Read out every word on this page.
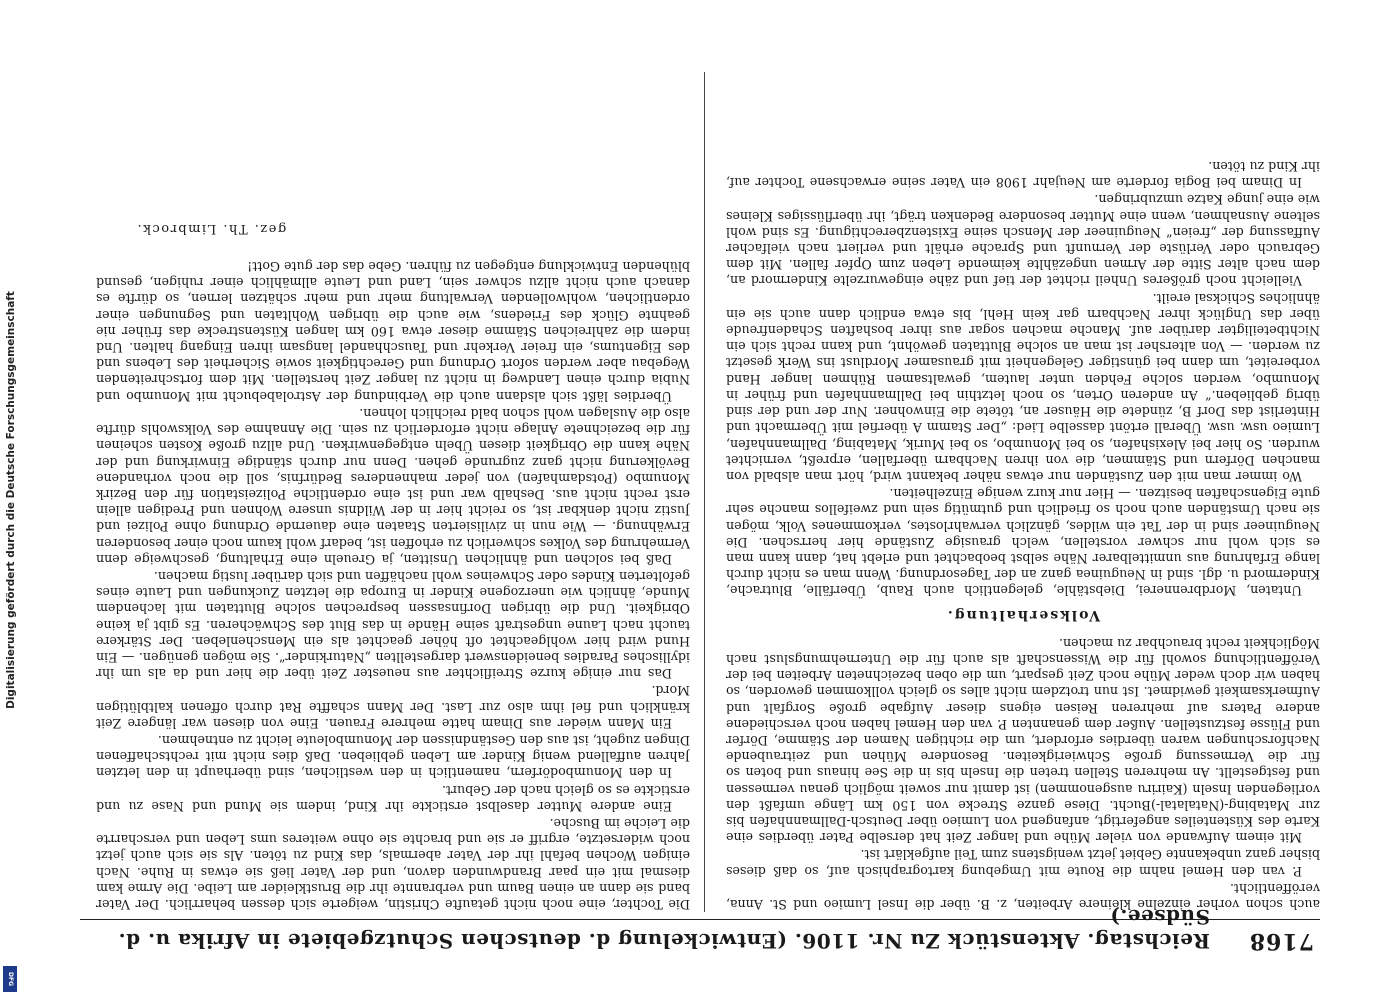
Digitalisierung gefördert durch die Deutsche Forschungsgemeinschaft
DFG
7168
Reichstag. Aktenstück Zu Nr. 1106. (Entwickelung d. deutschen Schutzgebiete in Afrika u. d. Südsee.)

auch schon vorher einzelne kleinere Arbeiten, z. B. über die Insel Lumieo und St. Anna, veröffentlicht.

P. van den Hemel nahm die Route mit Umgebung kartographisch auf, so daß dieses bisher ganz unbekannte Gebiet jetzt wenigstens zum Teil aufgeklärt ist.

Mit einem Aufwande von vieler Mühe und langer Zeit hat derselbe Pater überdies eine Karte des Küstenteiles angefertigt, anfangend von Lumieo über Deutsch-Dallmannhafen bis zur Matabing-(Natalatal-)Bucht. Diese ganze Strecke von 150 km Länge umfaßt den vorliegenden Inseln (Kairiru ausgenommen) ist damit nur soweit möglich genau vermessen und festgestellt. An mehreren Stellen treten die Inseln bis in die See hinaus und boten so für die Vermessung große Schwierigkeiten. Besondere Mühen und zeitraubende Nachforschungen waren überdies erfordert, um die richtigen Namen der Stämme, Dörfer und Flüsse festzustellen. Außer dem genannten P. van den Hemel haben noch verschiedene andere Paters auf mehreren Reisen eigens dieser Aufgabe große Sorgfalt und Aufmerksamkeit gewidmet. Ist nun trotzdem nicht alles so gleich vollkommen geworden, so haben wir doch weder Mühe noch Zeit gespart, um die oben bezeichneten Arbeiten bei der Veröffentlichung sowohl für die Wissenschaft als auch für die Unternehmungslust nach Möglichkeit recht brauchbar zu machen.

Volkserhaltung.

Untaten, Mordbrennerei, Diebstähle, gelegentlich auch Raub, Überfälle, Blutrache, Kindermord u. dgl. sind in Neuguinea ganz an der Tagesordnung. Wenn man es nicht durch lange Erfahrung aus unmittelbarer Nähe selbst beobachtet und erlebt hat, dann kann man es sich wohl nur schwer vorstellen, welch grausige Zustände hier herrschen. Die Neuguineer sind in der Tat ein wildes, gänzlich verwahrlostes, verkommenes Volk, mögen sie nach Umständen auch noch so friedlich und gutmütig sein und zweifellos manche sehr gute Eigenschaften besitzen. — Hier nur kurz wenige Einzelheiten.

Wo immer man mit den Zuständen nur etwas näher bekannt wird, hört man alsbald von manchen Dörfern und Stämmen, die von ihren Nachbarn überfallen, erpreßt, vernichtet wurden. So hier bei Alexishafen, so bei Monumbo, so bei Murik, Matabing, Dallmannhafen, Lumieo usw. usw. Überall ertönt dasselbe Lied: „Der Stamm A überfiel mit Übermacht und Hinterlist das Dorf B, zündete die Häuser an, tötete die Einwohner. Nur der und der sind übrig geblieben.“ An anderen Orten, so noch letzthin bei Dallmannhafen und früher in Monumbo, werden solche Fehden unter lautem, gewaltsamen Rühmen langer Hand vorbereitet, um dann bei günstiger Gelegenheit mit grausamer Mordlust ins Werk gesetzt zu werden. — Von altersher ist man an solche Bluttaten gewöhnt, und kann recht sich ein Nichtbeteiligter darüber auf. Manche machen sogar aus ihrer boshaften Schadenfreude über das Unglück ihrer Nachbarn gar kein Hehl, bis etwa endlich dann auch sie ein ähnliches Schicksal ereilt.

Vielleicht noch größeres Unheil richtet der tief und zähe eingewurzelte Kindermord an, dem nach alter Sitte der Armen ungezählte keimende Leben zum Opfer fallen. Mit dem Gebrauch oder Verlüste der Vernunft und Sprache erhält und verliert nach vielfacher Auffassung der „freien“ Neuguineer der Mensch seine Existenzberechtigung. Es sind wohl seltene Ausnahmen, wenn eine Mutter besondere Bedenken trägt, ihr überflüssiges Kleines wie eine junge Katze umzubringen.

In Dinam bei Bogia forderte am Neujahr 1908 ein Vater seine erwachsene Tochter auf, ihr Kind zu töten.

Die Tochter, eine noch nicht getaufte Christin, weigerte sich dessen beharrlich. Der Vater band sie dann an einen Baum und verbrannte ihr die Brustkleider am Leibe. Die Arme kam diesmal mit ein paar Brandwunden davon, und der Vater ließ sie etwas in Ruhe. Nach einigen Wochen befahl ihr der Vater abermals, das Kind zu töten. Als sie sich auch jetzt noch widersetzte, ergriff er sie und brachte sie ohne weiteres ums Leben und verscharrte die Leiche im Busche.

Eine andere Mutter daselbst erstickte ihr Kind, indem sie Mund und Nase zu und erstickte es so gleich nach der Geburt.

In den Monumbodörfern, namentlich in den westlichen, sind überhaupt in den letzten Jahren auffallend wenig Kinder am Leben geblieben. Daß dies nicht mit rechtschaffenen Dingen zugeht, ist aus den Geständnissen der Monumboleute leicht zu entnehmen.

Ein Mann wieder aus Dinam hatte mehrere Frauen. Eine von diesen war längere Zeit kränklich und fiel ihm also zur Last. Der Mann schaffte Rat durch offenen kaltblütigen Mord.

Das nur einige kurze Streiflichter aus neuester Zeit über die hier und da als um ihr idyllisches Paradies beneidenswert dargestellten „Naturkinder“. Sie mögen genügen. — Ein Hund wird hier wohlgeachtet oft höher geachtet als ein Menschenleben. Der Stärkere taucht nach Laune ungestraft seine Hände in das Blut des Schwächeren. Es gibt ja keine Obrigkeit. Und die übrigen Dorfinsassen besprechen solche Bluttaten mit lachendem Munde, ähnlich wie unerzogene Kinder in Europa die letzten Zuckungen und Laute eines gefolterten Kindes oder Schweines wohl nachäffen und sich darüber lustig machen.

Daß bei solchen und ähnlichen Unsitten, ja Greueln eine Erhaltung, geschweige denn Vermehrung des Volkes schwerlich zu erhoffen ist, bedarf wohl kaum noch einer besonderen Erwähnung. — Wie nun in zivilisierten Staaten eine dauernde Ordnung ohne Polizei und Justiz nicht denkbar ist, so reicht hier in der Wildnis unsere Wohnen und Predigen allein erst recht nicht aus. Deshalb war und ist eine ordentliche Polizeistation für den Bezirk Monumbo (Potsdamhafen) von jeder mahnenderes Bedürfnis, soll die noch vorhandene Bevölkerung nicht ganz zugrunde gehen. Denn nur durch ständige Einwirkung und der Nähe kann die Obrigkeit diesen Übeln entgegenwirken. Und allzu große Kosten scheinen für die bezeichnete Anlage nicht erforderlich zu sein. Die Annahme des Volkswohls dürfte also die Auslagen wohl schon bald reichlich lohnen.

Überdies läßt sich alsdann auch die Verbindung der Astrolabebucht mit Monumbo und Nubia durch einen Landweg in nicht zu langer Zeit herstellen. Mit dem fortschreitenden Wegebau aber werden sofort Ordnung und Gerechtigkeit sowie Sicherheit des Lebens und des Eigentums, ein freier Verkehr und Tauschhandel langsam ihren Eingang halten. Und indem die zahlreichen Stämme dieser etwa 160 km langen Küstenstrecke das früher nie geahnte Glück des Friedens, wie auch die übrigen Wohltaten und Segnungen einer ordentlichen, wohlwollenden Verwaltung mehr und mehr schätzen lernen, so dürfte es danach auch nicht allzu schwer sein, Land und Leute allmählich einer ruhigen, gesund blühenden Entwicklung entgegen zu führen. Gebe das der gute Gott!

gez. Th. Limbrock.
